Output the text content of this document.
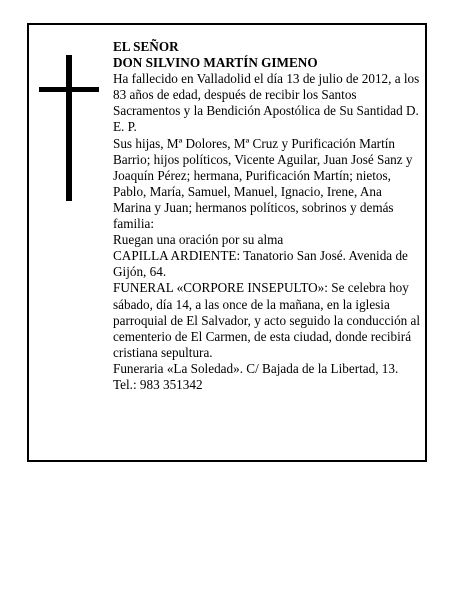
EL SEÑOR

DON SILVINO MARTÍN GIMENO

Ha fallecido en Valladolid el día 13 de julio de 2012, a los 83 años de edad, después de recibir los Santos Sacramentos y la Bendición Apostólica de Su Santidad D. E. P.

Sus hijas, Mª Dolores, Mª Cruz y Purificación Martín Barrio; hijos políticos, Vicente Aguilar, Juan José Sanz y Joaquín Pérez; hermana, Purificación Martín; nietos, Pablo, María, Samuel, Manuel, Ignacio, Irene, Ana Marina y Juan; hermanos políticos, sobrinos y demás familia:

Ruegan una oración por su alma

CAPILLA ARDIENTE: Tanatorio San José. Avenida de Gijón, 64.

FUNERAL «CORPORE INSEPULTO»: Se celebra hoy sábado, día 14, a las once de la mañana, en la iglesia parroquial de El Salvador, y acto seguido la conducción al cementerio de El Carmen, de esta ciudad, donde recibirá cristiana sepultura.

Funeraria «La Soledad». C/ Bajada de la Libertad, 13. Tel.: 983 351342
